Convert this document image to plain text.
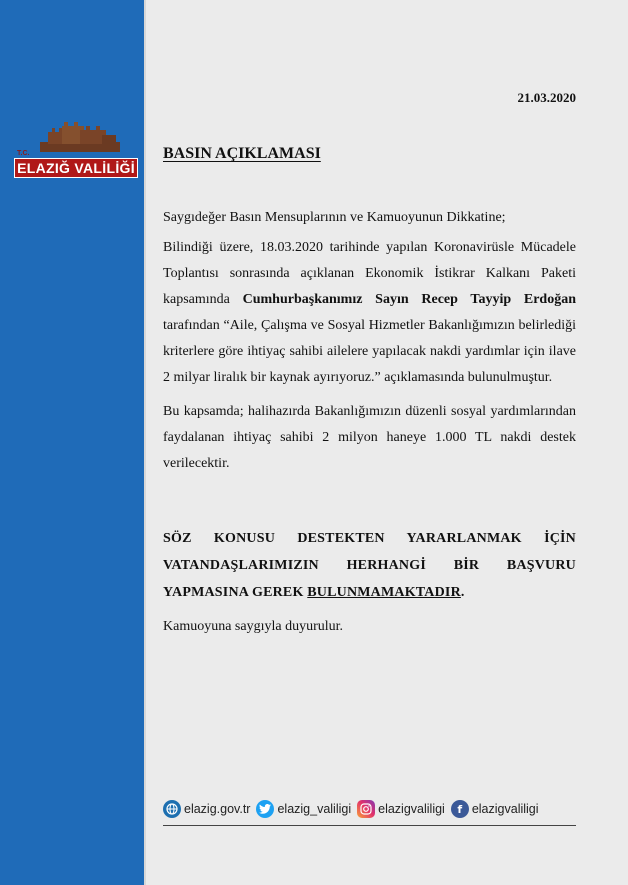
T.C.
ELAZIĞ VALİLİĞİ
21.03.2020
BASIN AÇIKLAMASI

Saygıdeğer Basın Mensuplarının ve Kamuoyunun Dikkatine;

Bilindiği üzere, 18.03.2020 tarihinde yapılan Koronavirüsle Mücadele Toplantısı sonrasında açıklanan Ekonomik İstikrar Kalkanı Paketi kapsamında Cumhurbaşkanımız Sayın Recep Tayyip Erdoğan tarafından “Aile, Çalışma ve Sosyal Hizmetler Bakanlığımızın belirlediği kriterlere göre ihtiyaç sahibi ailelere yapılacak nakdi yardımlar için ilave 2 milyar liralık bir kaynak ayırıyoruz.” açıklamasında bulunulmuştur.

Bu kapsamda; halihazırda Bakanlığımızın düzenli sosyal yardımlarından faydalanan ihtiyaç sahibi 2 milyon haneye 1.000 TL nakdi destek verilecektir.

SÖZ KONUSU DESTEKTEN YARARLANMAK İÇİN VATANDAŞLARIMIZIN HERHANGİ BİR BAŞVURU YAPMASINA GEREK BULUNMAMAKTADIR.

Kamuoyuna saygıyla duyurulur.

elazig.gov.tr elazig_valiligi elazigvaliligi	f elazigvaliligi
